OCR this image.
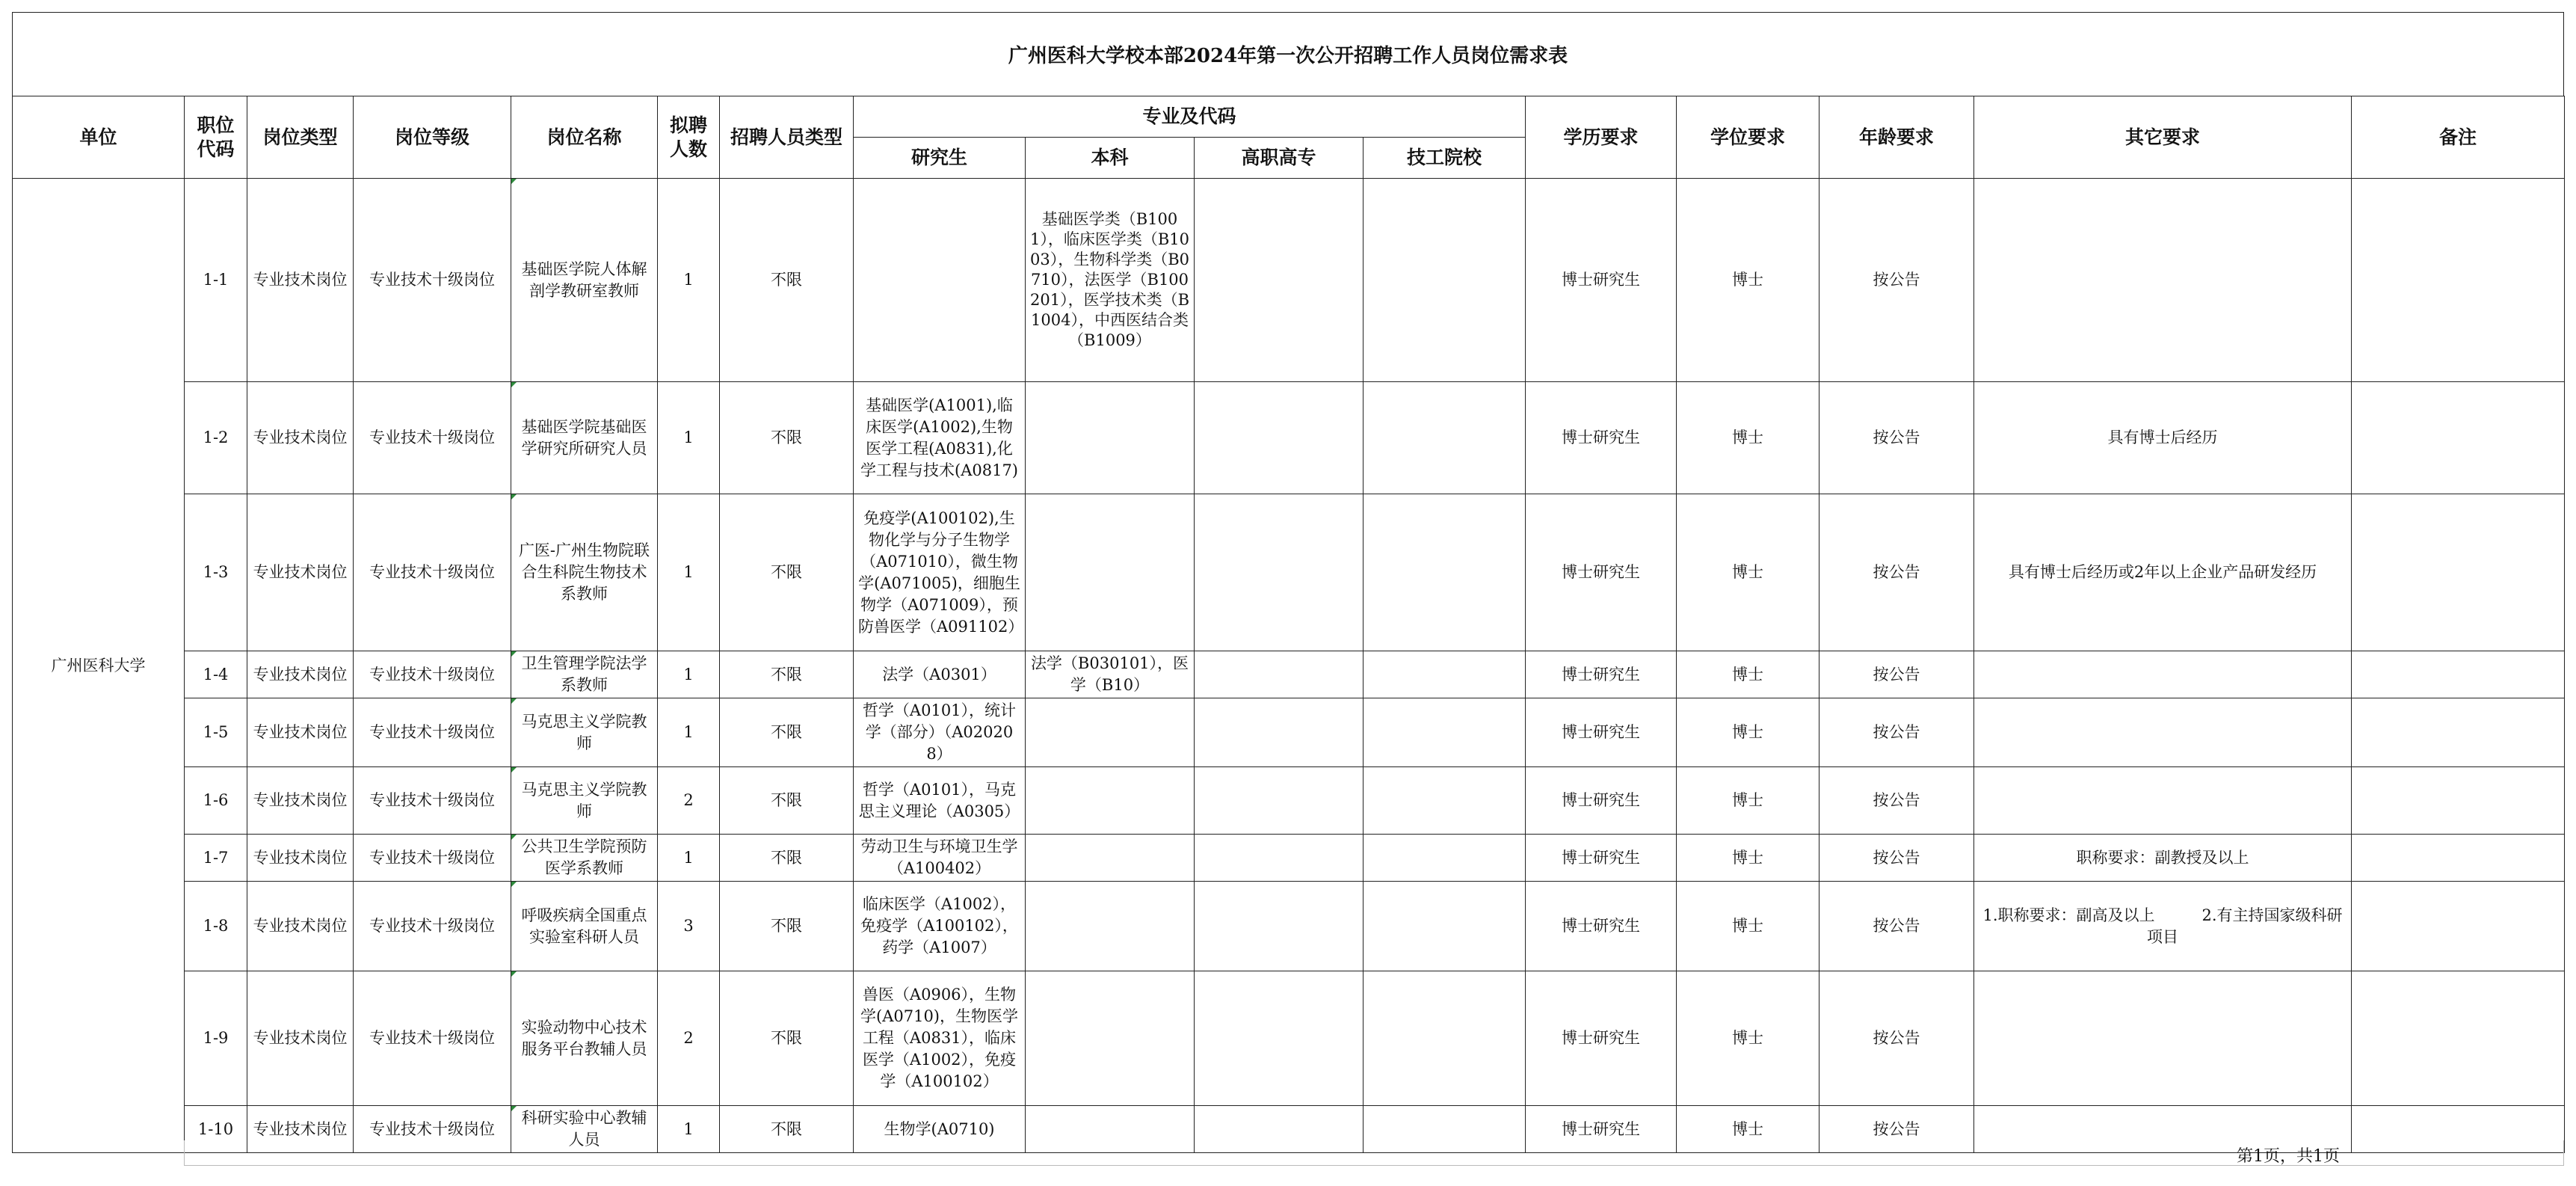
广州医科大学校本部2024年第一次公开招聘工作人员岗位需求表
单位	职位代码	岗位类型	岗位等级	岗位名称	拟聘人数	招聘人员类型	专业及代码				学历要求	学位要求	年龄要求	其它要求	备注
							研究生	本科	高职高专	技工院校					
广州医科大学	1-1	专业技术岗位	专业技术十级岗位	基础医学院人体解剖学教研室教师	1	不限		基础医学类（B1001），临床医学类（B1003），生物科学类（B0710），法医学（B100201），医学技术类（B1004），中西医结合类（B1009）			博士研究生	博士	按公告		
	1-2	专业技术岗位	专业技术十级岗位	基础医学院基础医学研究所研究人员	1	不限	基础医学(A1001),临床医学(A1002),生物医学工程(A0831),化学工程与技术(A0817)				博士研究生	博士	按公告	具有博士后经历	
	1-3	专业技术岗位	专业技术十级岗位	广医-广州生物院联合生科院生物技术系教师	1	不限	免疫学(A100102),生物化学与分子生物学（A071010），微生物学(A071005)，细胞生物学（A071009），预防兽医学（A091102）				博士研究生	博士	按公告	具有博士后经历或2年以上企业产品研发经历	
	1-4	专业技术岗位	专业技术十级岗位	卫生管理学院法学系教师	1	不限	法学（A0301）	法学（B030101），医学（B10）			博士研究生	博士	按公告		
	1-5	专业技术岗位	专业技术十级岗位	马克思主义学院教师	1	不限	哲学（A0101），统计学（部分）（A020208）				博士研究生	博士	按公告		
	1-6	专业技术岗位	专业技术十级岗位	马克思主义学院教师	2	不限	哲学（A0101），马克思主义理论（A0305）				博士研究生	博士	按公告		
	1-7	专业技术岗位	专业技术十级岗位	公共卫生学院预防医学系教师	1	不限	劳动卫生与环境卫生学（A100402）				博士研究生	博士	按公告	职称要求：副教授及以上	
	1-8	专业技术岗位	专业技术十级岗位	呼吸疾病全国重点实验室科研人员	3	不限	临床医学（A1002）， 免疫学（A100102），药学（A1007）				博士研究生	博士	按公告	1.职称要求：副高及以上　　　2.有主持国家级科研项目	
	1-9	专业技术岗位	专业技术十级岗位	实验动物中心技术服务平台教辅人员	2	不限	兽医（A0906），生物学(A0710)，生物医学工程（A0831），临床医学（A1002），免疫学（A100102）				博士研究生	博士	按公告		
	1-10	专业技术岗位	专业技术十级岗位	科研实验中心教辅人员	1	不限	生物学(A0710)				博士研究生	博士	按公告		
第1页，共1页
